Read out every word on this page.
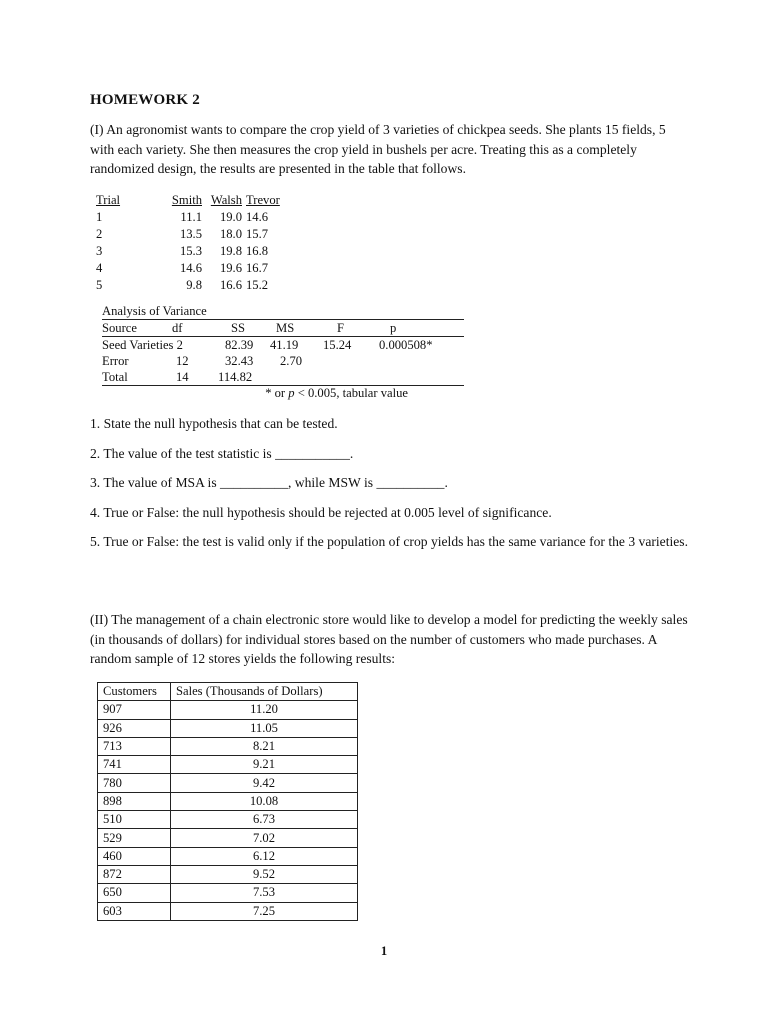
HOMEWORK 2
(I) An agronomist wants to compare the crop yield of 3 varieties of chickpea seeds. She plants 15 fields, 5 with each variety. She then measures the crop yield in bushels per acre. Treating this as a completely randomized design, the results are presented in the table that follows.
Trial	Smith	Walsh	Trevor
1	11.1	19.0	14.6
2	13.5	18.0	15.7
3	15.3	19.8	16.8
4	14.6	19.6	16.7
5	9.8	16.6	15.2
Analysis of Variance
Source	df	SS MS	F	p
Seed Varieties 2	82.39 41.19 15.24 0.000508*
Error	12	32.43 2.70
Total	14 114.82
* or p < 0.005, tabular value
1. State the null hypothesis that can be tested.
2. The value of the test statistic is ___________.
3. The value of MSA is __________, while MSW is __________.
4. True or False: the null hypothesis should be rejected at 0.005 level of significance.
5. True or False: the test is valid only if the population of crop yields has the same variance for the 3 varieties.
(II) The management of a chain electronic store would like to develop a model for predicting the weekly sales (in thousands of dollars) for individual stores based on the number of customers who made purchases. A random sample of 12 stores yields the following results:
Customers	Sales (Thousands of Dollars)
907	11.20
926	11.05
713	8.21
741	9.21
780	9.42
898	10.08
510	6.73
529	7.02
460	6.12
872	9.52
650	7.53
603	7.25
1
